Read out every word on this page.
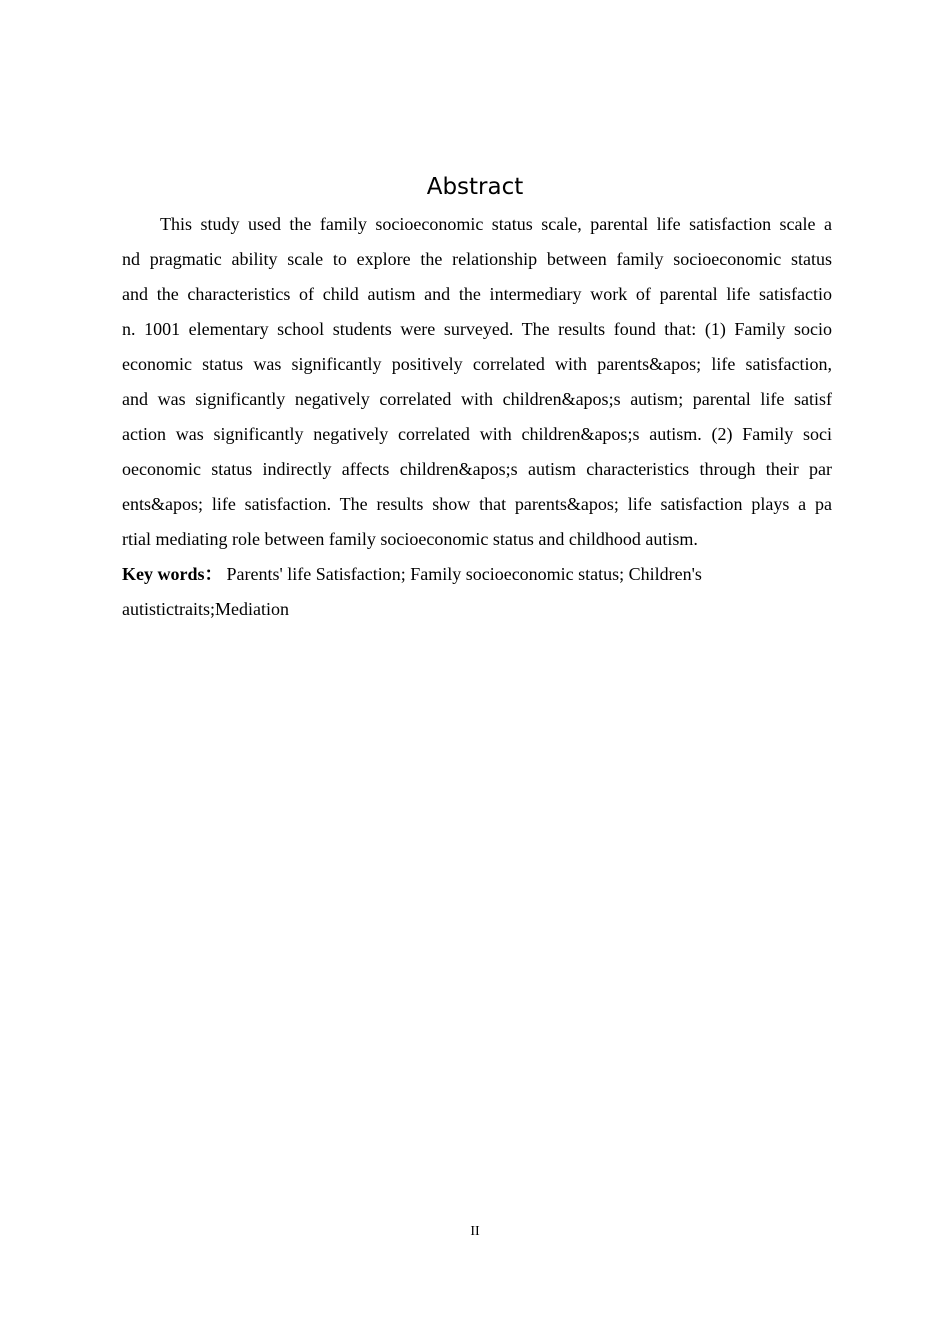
Abstract
This study used the family socioeconomic status scale, parental life satisfaction scale a
nd pragmatic ability scale to explore the relationship between family socioeconomic status
and the characteristics of child autism and the intermediary work of parental life satisfactio
n. 1001 elementary school students were surveyed. The results found that: (1) Family socio
economic status was significantly positively correlated with parents&apos; life satisfaction,
and was significantly negatively correlated with children&apos;s autism; parental life satisf
action was significantly negatively correlated with children&apos;s autism. (2) Family soci
oeconomic status indirectly affects children&apos;s autism characteristics through their par
ents&apos; life satisfaction. The results show that parents&apos; life satisfaction plays a pa
rtial mediating role between family socioeconomic status and childhood autism.
Key words： Parents' life Satisfaction; Family socioeconomic status; Children's
autistictraits;Mediation
II
